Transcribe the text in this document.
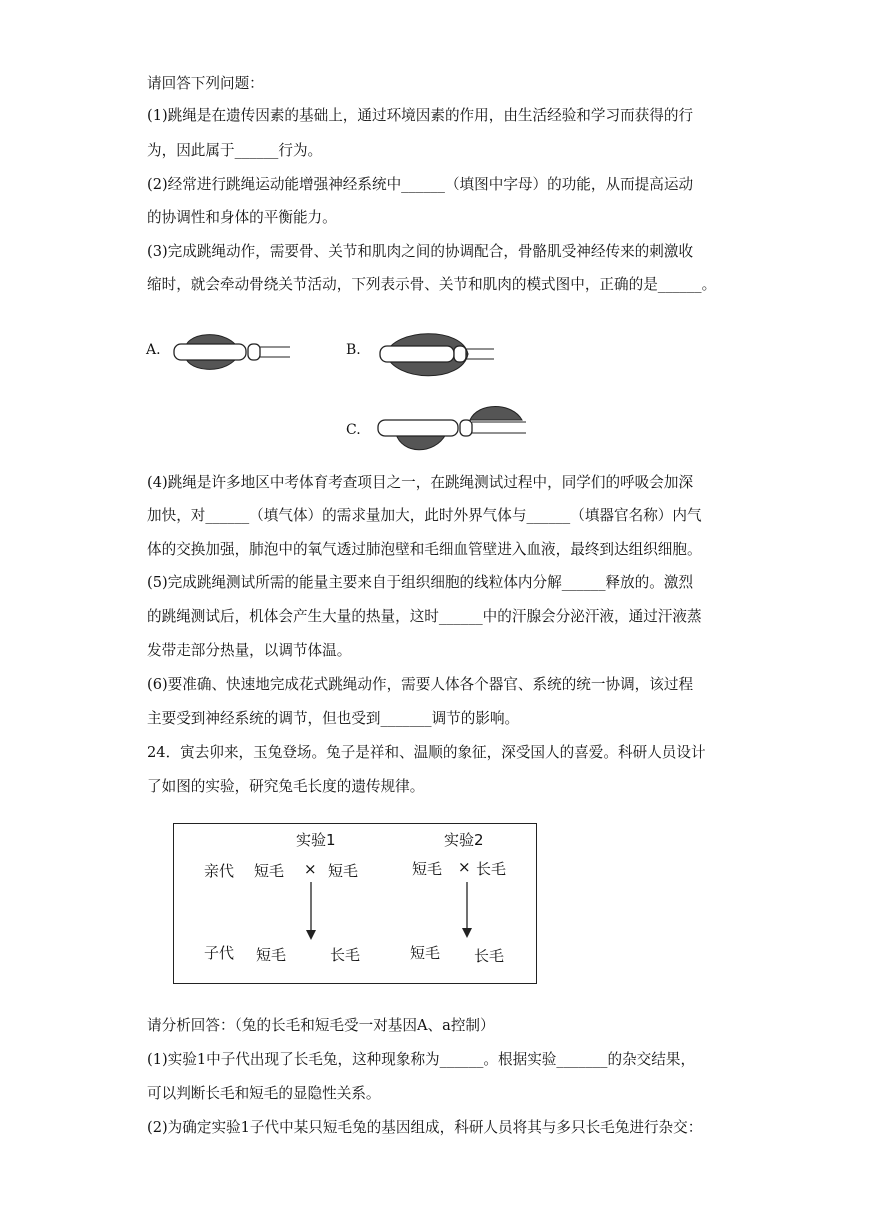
请回答下列问题：
(1)跳绳是在遗传因素的基础上，通过环境因素的作用，由生活经验和学习而获得的行
为，因此属于______行为。
(2)经常进行跳绳运动能增强神经系统中______（填图中字母）的功能，从而提高运动
的协调性和身体的平衡能力。
(3)完成跳绳动作，需要骨、关节和肌肉之间的协调配合，骨骼肌受神经传来的刺激收
缩时，就会牵动骨绕关节活动，下列表示骨、关节和肌肉的模式图中，正确的是______。
A.	B.
C.
(4)跳绳是许多地区中考体育考查项目之一，在跳绳测试过程中，同学们的呼吸会加深
加快，对______（填气体）的需求量加大，此时外界气体与______（填器官名称）内气
体的交换加强，肺泡中的氧气透过肺泡壁和毛细血管壁进入血液，最终到达组织细胞。
(5)完成跳绳测试所需的能量主要来自于组织细胞的线粒体内分解______释放的。激烈
的跳绳测试后，机体会产生大量的热量，这时______中的汗腺会分泌汗液，通过汗液蒸
发带走部分热量，以调节体温。
(6)要准确、快速地完成花式跳绳动作，需要人体各个器官、系统的统一协调，该过程
主要受到神经系统的调节，但也受到_______调节的影响。
24．寅去卯来，玉兔登场。兔子是祥和、温顺的象征，深受国人的喜爱。科研人员设计
了如图的实验，研究兔毛长度的遗传规律。
实验1	实验2
亲代 短毛 × 短毛	短毛 × 长毛
子代 短毛	长毛	短毛 长毛
请分析回答：（兔的长毛和短毛受一对基因A、a控制）
(1)实验1中子代出现了长毛兔，这种现象称为______。根据实验_______的杂交结果，
可以判断长毛和短毛的显隐性关系。
(2)为确定实验1子代中某只短毛兔的基因组成，科研人员将其与多只长毛兔进行杂交：
